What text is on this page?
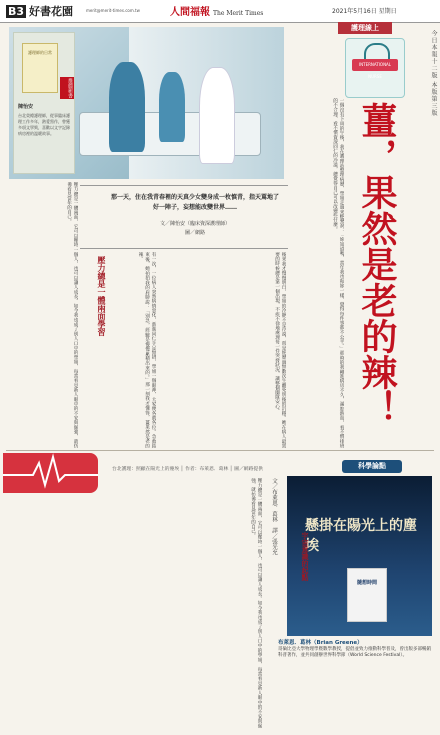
B3 好書花園	merit@merit-times.com.tw	人間福報 The Merit Times	2021年5月16日 星期日
今日本報十二版 本版第三版
護理師的日常
推薦新書
陳怡安
台北榮總護理師，從事臨床護理工作多年，熱愛寫作，曾獲多項文學獎，喜歡以文字記錄病房裡的溫暖故事。
護理線上
INTERNATIONAL NURSE
薑，果然是老的辣！
那一天，住在我青春裡的天真少女變身成一枚慎青，指天罵地了好一陣子，妄想能改變世界……
文／陳怡安（臨床資深護理師）
圖／網路	一個沒有下雨的午後，我在護理站整理病歷，學姐走過來輕聲說：「妳知道嗎，當年我也和妳一樣，覺得每件事都不公平。」那時的我剛進病房不久，滿腔熱血，看不慣排班的不合理、看不慣資深同仁的冷漠，總覺得自己可以改變些什麼。
後來我才慢慢明白，學姐的冷靜不是冷漠，而是經歷過無數次生離死別後的沉穩。她在病人最需要的時候總是第一個出現，不疾不徐地處理每一件突發狀況，讓整個團隊安心。
有一次，一位病人突然病情惡化，新進同仁手足無措，學姐一個眼神，大家便各就各位。急救結束後，她拍拍我的肩膀說：「別急，經驗是慢慢累積出來的。」那一刻我才懂得，薑果然是老的辣。
壓力總是一體兩面學習
壓力總是一體兩面，它可以壓垮一個人，也可以讓人成長。如今我也成了別人口中的學姐，每當看見新人眼中的不安與倔強，就彷彿看見當年的自己。
台北護理：照顧在陽光上的塵埃 │ 作者：布萊恩．葛林 │ 圖／網路提供	科學論點
懸掛在陽光上的塵埃
隨想時間
文／布萊恩．葛林　譯／張光允
宇宙意識的起點
壓力總是一體兩面，它可以壓垮一個人，也可以讓人成長。如今我也成了別人口中的學姐，每當看見新人眼中的不安與倔強，就彷彿看見當年的自己。
布萊恩．葛林（Brian Greene）
哥倫比亞大學物理學暨數學教授，提倡並致力推動科學普及，曾出版多部暢銷科普著作，並共同創辦世界科學節（World Science Festival）。
